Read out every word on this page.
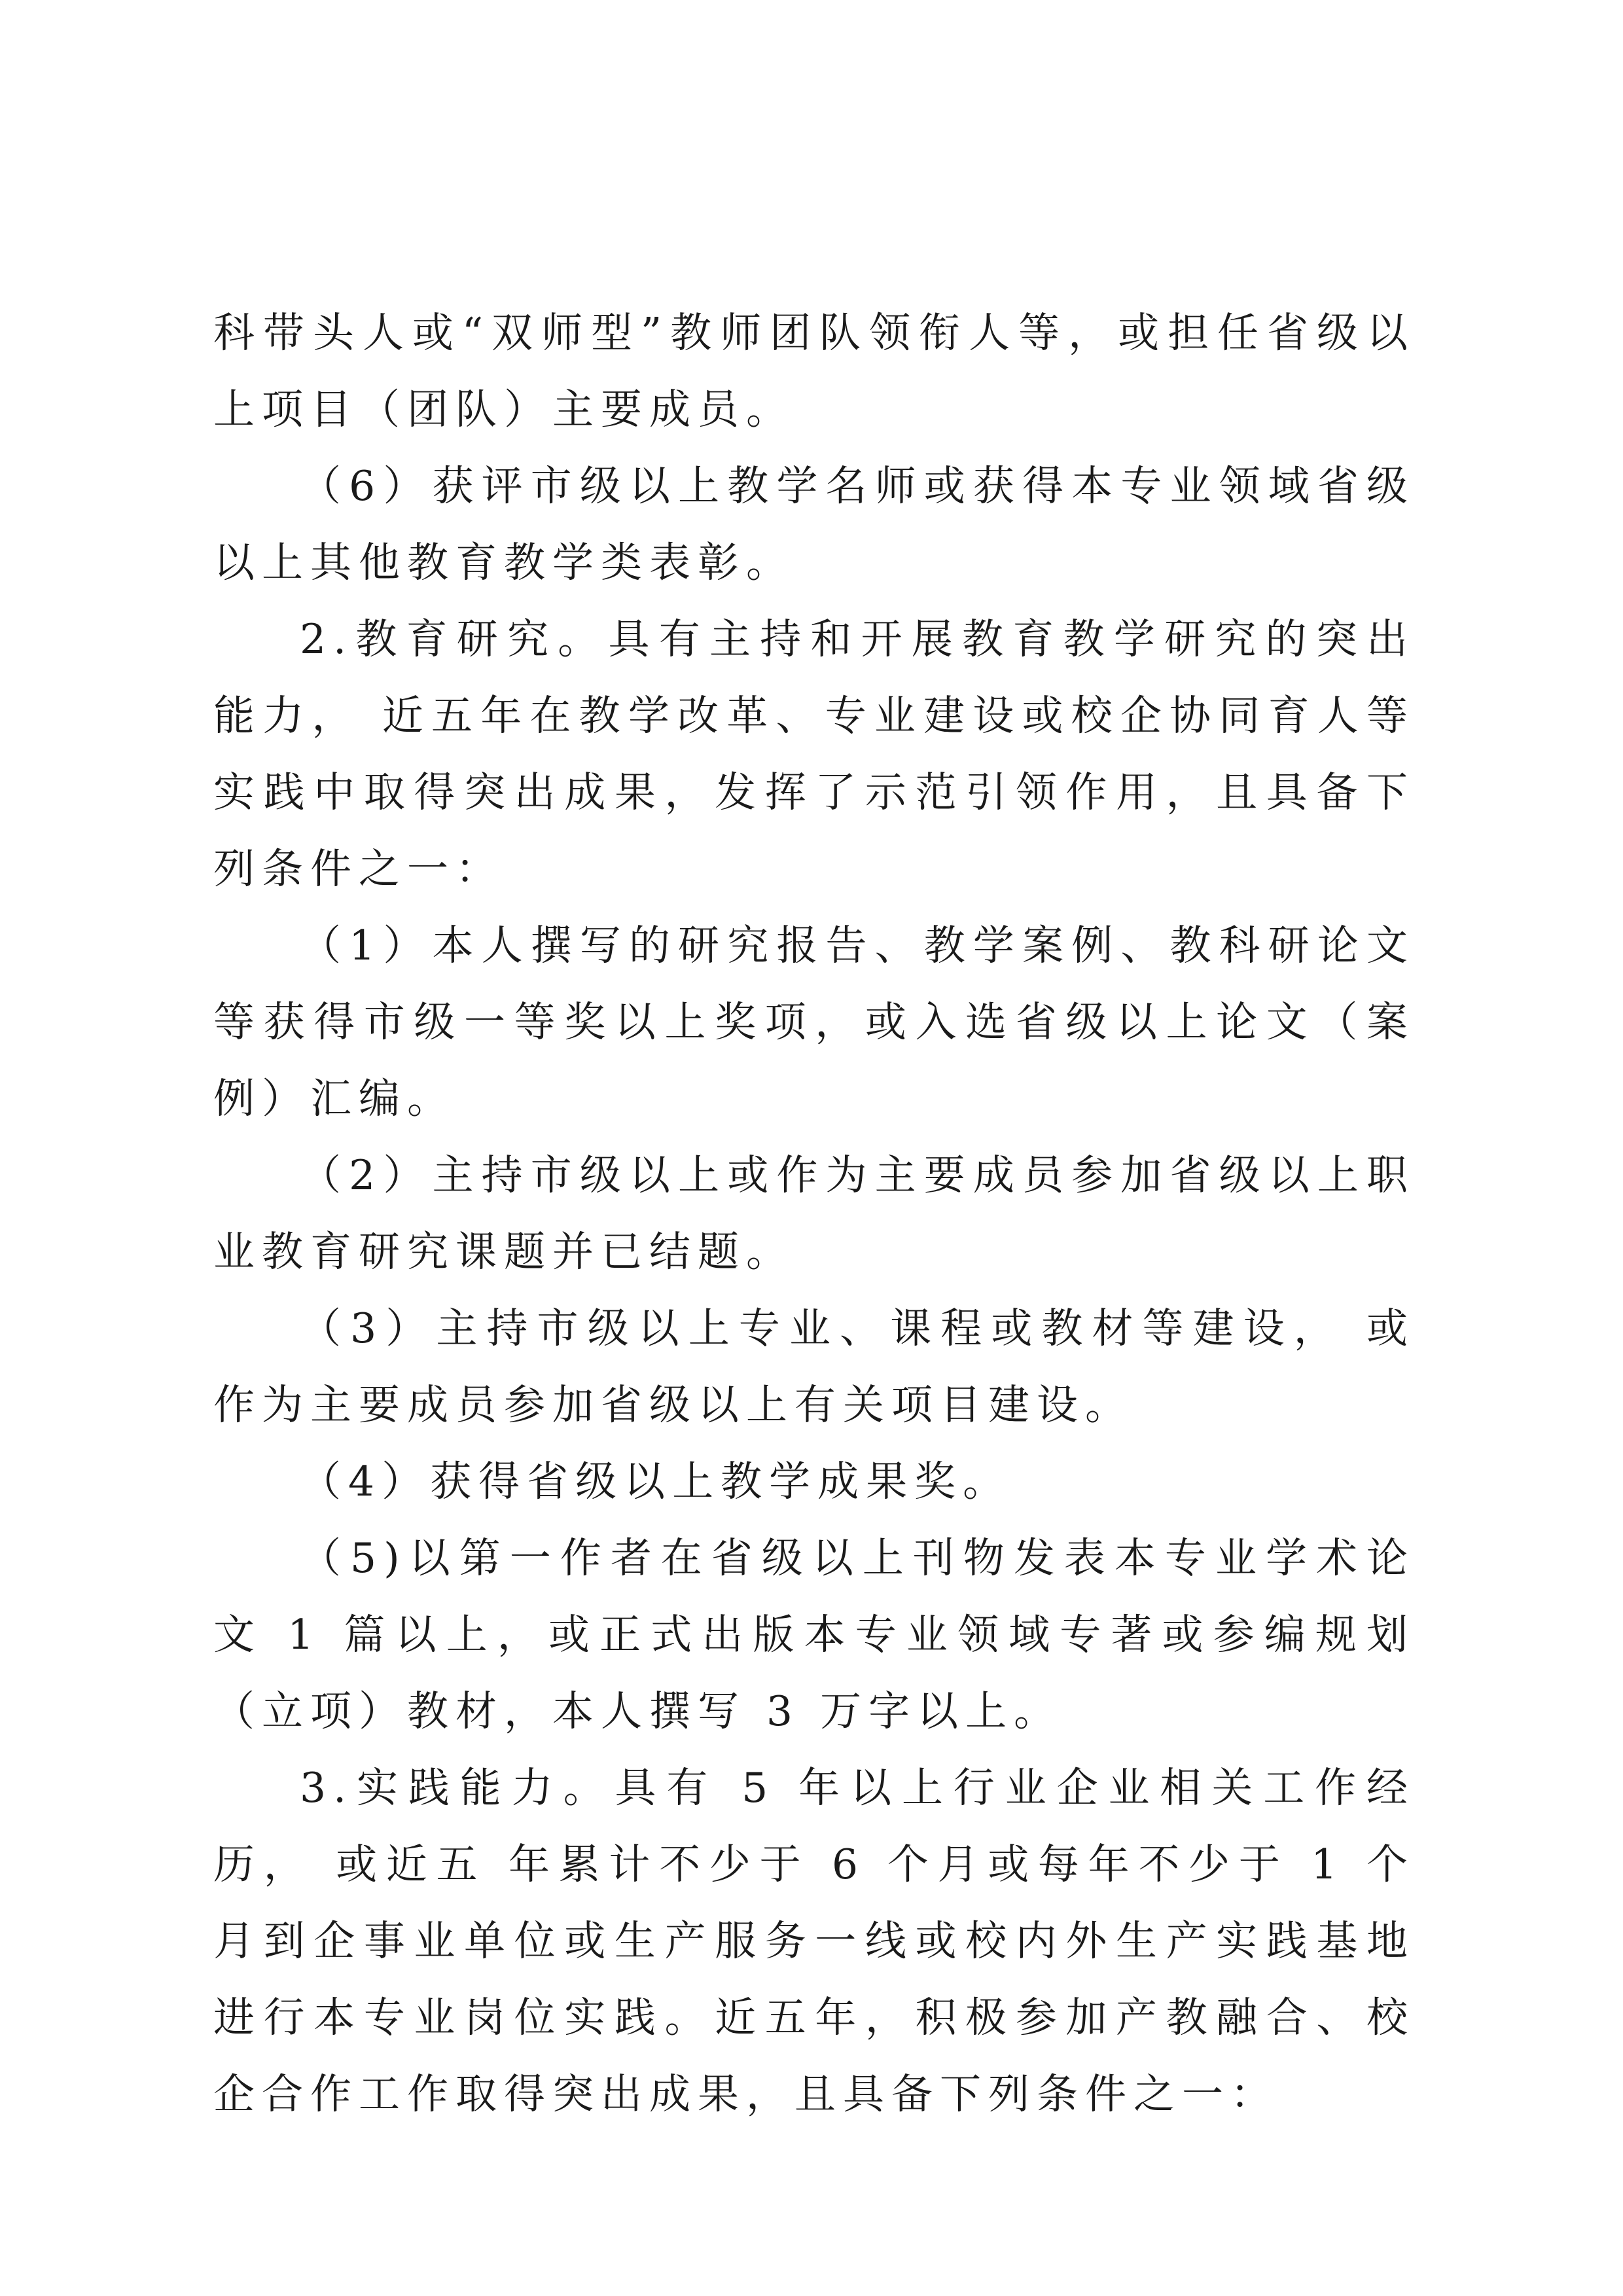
科带头人或“双师型”教师团队领衔人等，或担任省级以上项目（团队）主要成员。

（6）获评市级以上教学名师或获得本专业领域省级以上其他教育教学类表彰。

2.教育研究。具有主持和开展教育教学研究的突出能力， 近五年在教学改革、专业建设或校企协同育人等实践中取得突出成果，发挥了示范引领作用，且具备下列条件之一：

（1）本人撰写的研究报告、教学案例、教科研论文等获得市级一等奖以上奖项，或入选省级以上论文（案例）汇编。

（2）主持市级以上或作为主要成员参加省级以上职业教育研究课题并已结题。

（3）主持市级以上专业、课程或教材等建设， 或作为主要成员参加省级以上有关项目建设。

（4）获得省级以上教学成果奖。

（5)以第一作者在省级以上刊物发表本专业学术论文 1 篇以上，或正式出版本专业领域专著或参编规划（立项）教材，本人撰写 3 万字以上。

3.实践能力。具有 5 年以上行业企业相关工作经历， 或近五 年累计不少于 6 个月或每年不少于 1 个月到企事业单位或生产服务一线或校内外生产实践基地进行本专业岗位实践。近五年，积极参加产教融合、校企合作工作取得突出成果，且具备下列条件之一：
